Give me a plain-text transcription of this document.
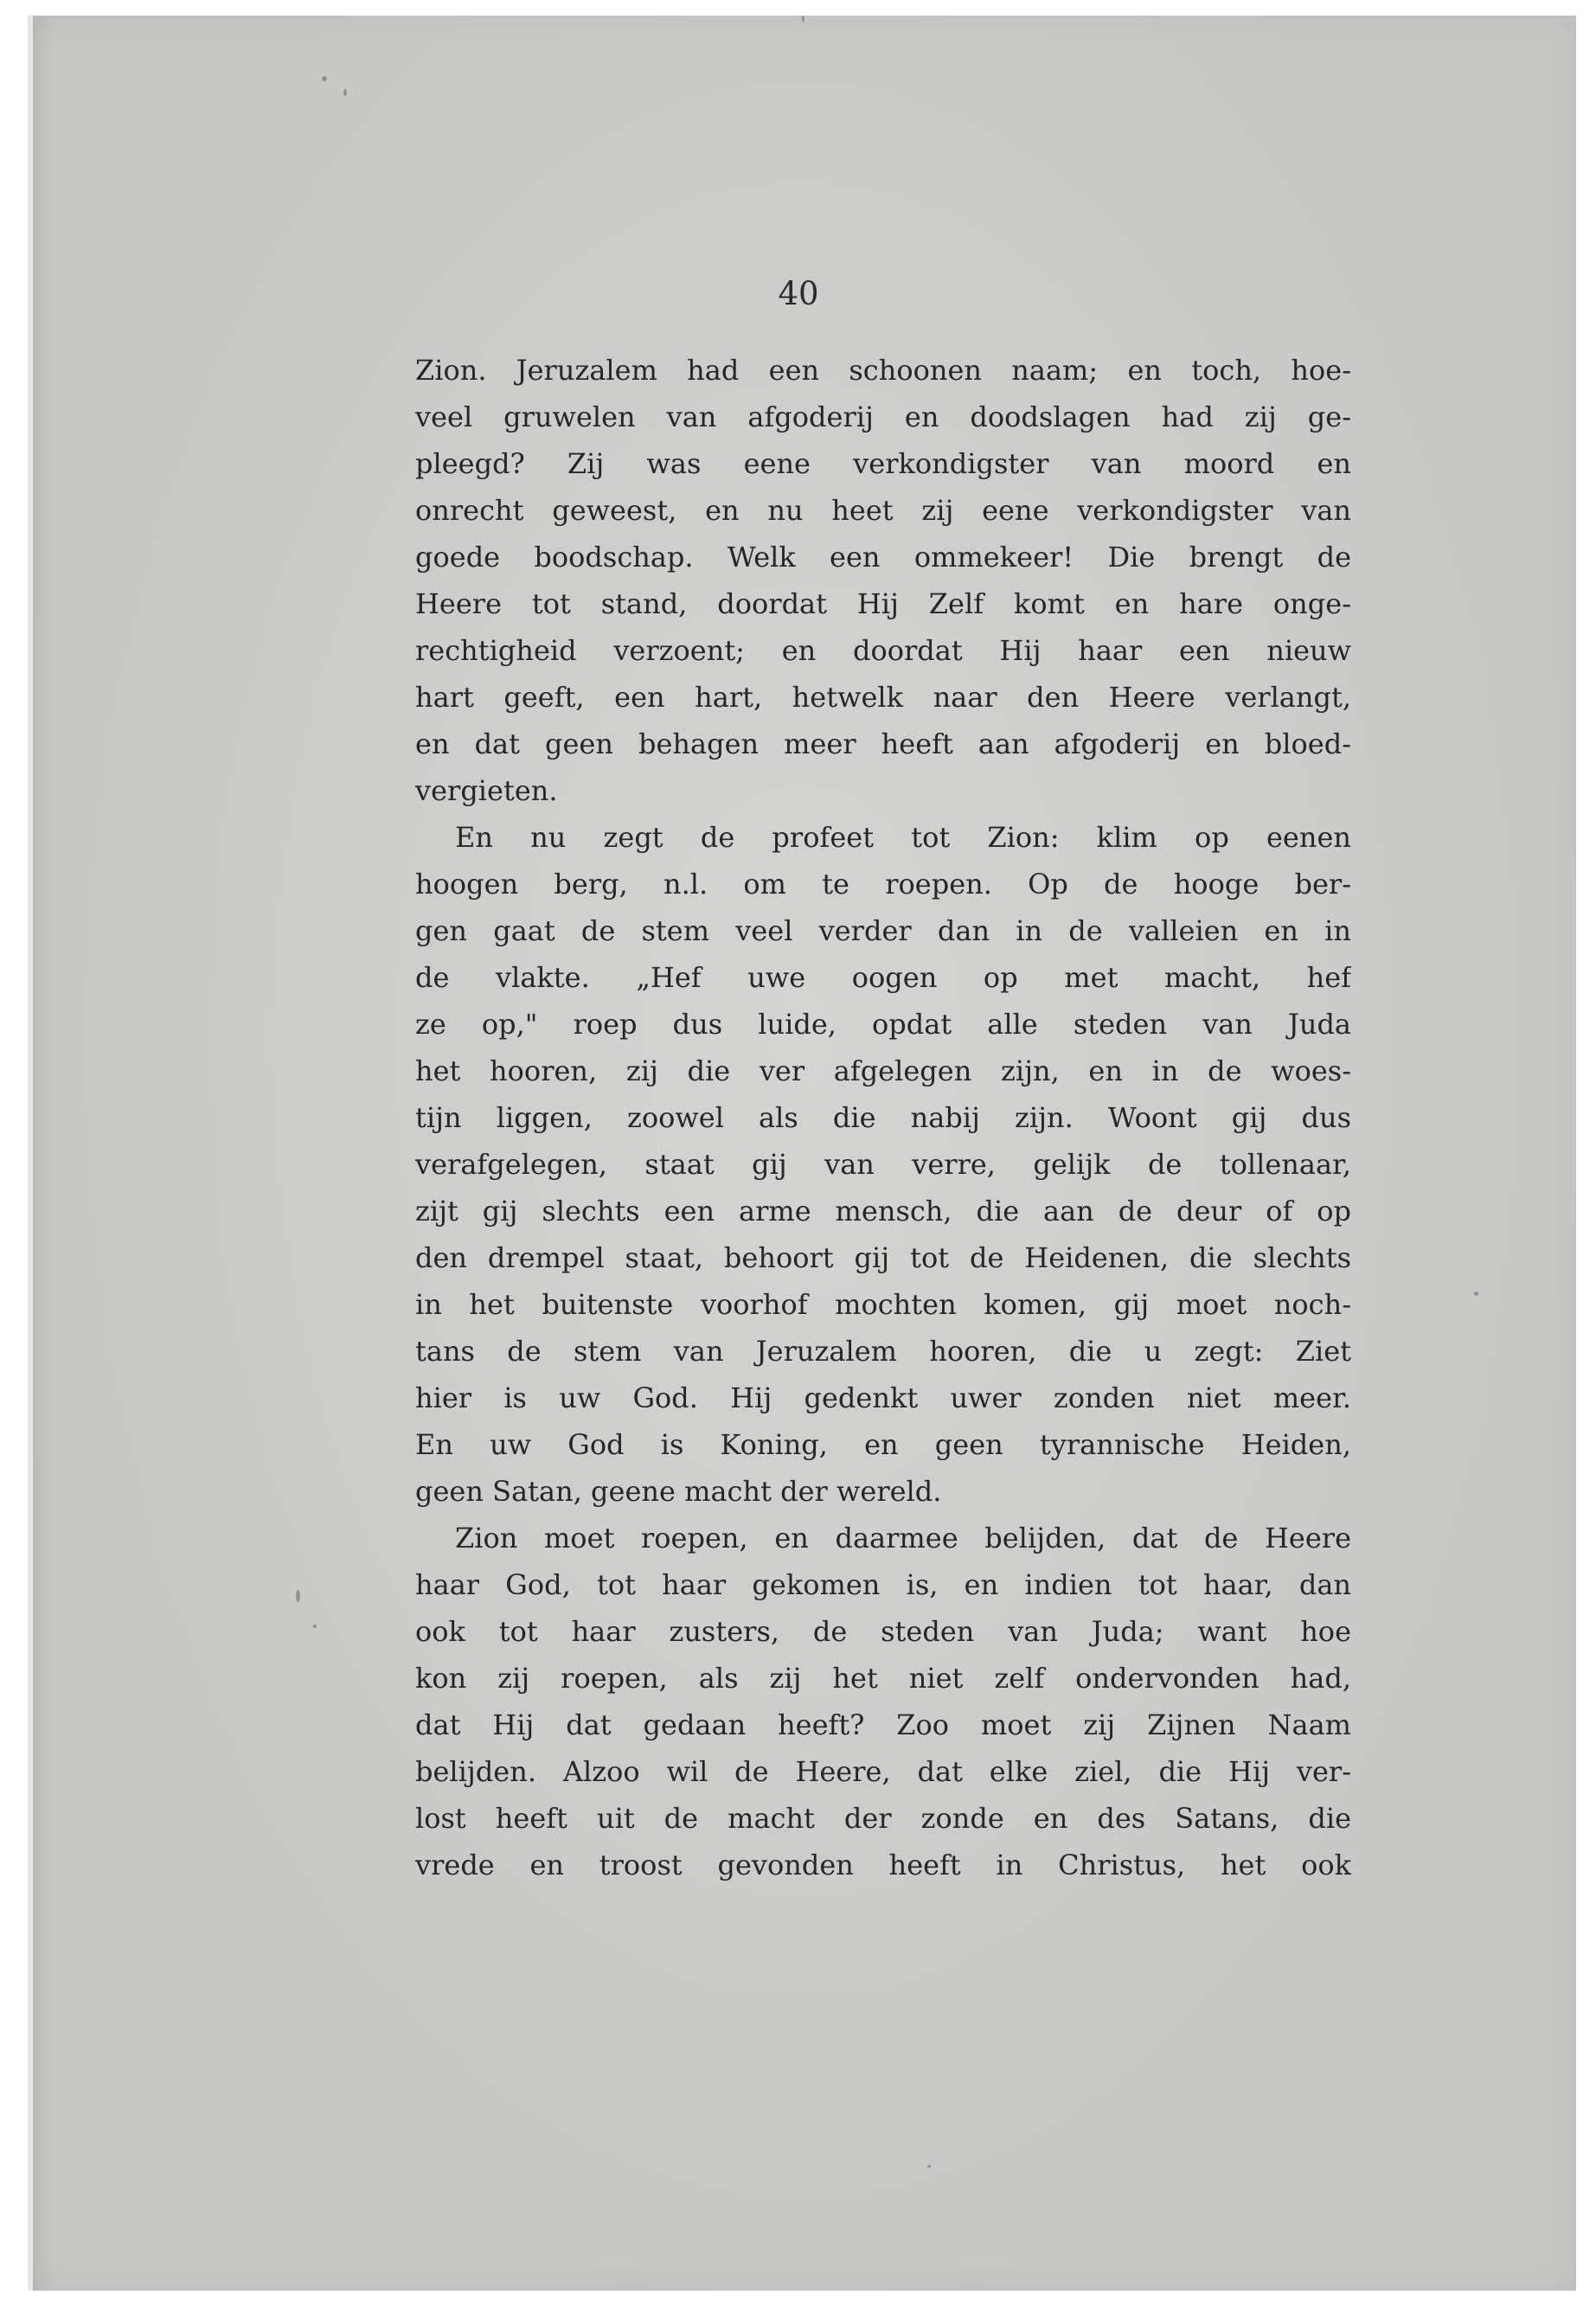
40
Zion. Jeruzalem had een schoonen naam; en toch, hoe-
veel gruwelen van afgoderij en doodslagen had zij ge-
pleegd? Zij was eene verkondigster van moord en
onrecht geweest, en nu heet zij eene verkondigster van
goede boodschap. Welk een ommekeer! Die brengt de
Heere tot stand, doordat Hij Zelf komt en hare onge-
rechtigheid verzoent; en doordat Hij haar een nieuw
hart geeft, een hart, hetwelk naar den Heere verlangt,
en dat geen behagen meer heeft aan afgoderij en bloed-
vergieten.
En nu zegt de profeet tot Zion: klim op eenen
hoogen berg, n.l. om te roepen. Op de hooge ber-
gen gaat de stem veel verder dan in de valleien en in
de vlakte. „Hef uwe oogen op met macht, hef
ze op," roep dus luide, opdat alle steden van Juda
het hooren, zij die ver afgelegen zijn, en in de woes-
tijn liggen, zoowel als die nabij zijn. Woont gij dus
verafgelegen, staat gij van verre, gelijk de tollenaar,
zijt gij slechts een arme mensch, die aan de deur of op
den drempel staat, behoort gij tot de Heidenen, die slechts
in het buitenste voorhof mochten komen, gij moet noch-
tans de stem van Jeruzalem hooren, die u zegt: Ziet
hier is uw God. Hij gedenkt uwer zonden niet meer.
En uw God is Koning, en geen tyrannische Heiden,
geen Satan, geene macht der wereld.
Zion moet roepen, en daarmee belijden, dat de Heere
haar God, tot haar gekomen is, en indien tot haar, dan
ook tot haar zusters, de steden van Juda; want hoe
kon zij roepen, als zij het niet zelf ondervonden had,
dat Hij dat gedaan heeft? Zoo moet zij Zijnen Naam
belijden. Alzoo wil de Heere, dat elke ziel, die Hij ver-
lost heeft uit de macht der zonde en des Satans, die
vrede en troost gevonden heeft in Christus, het ook
